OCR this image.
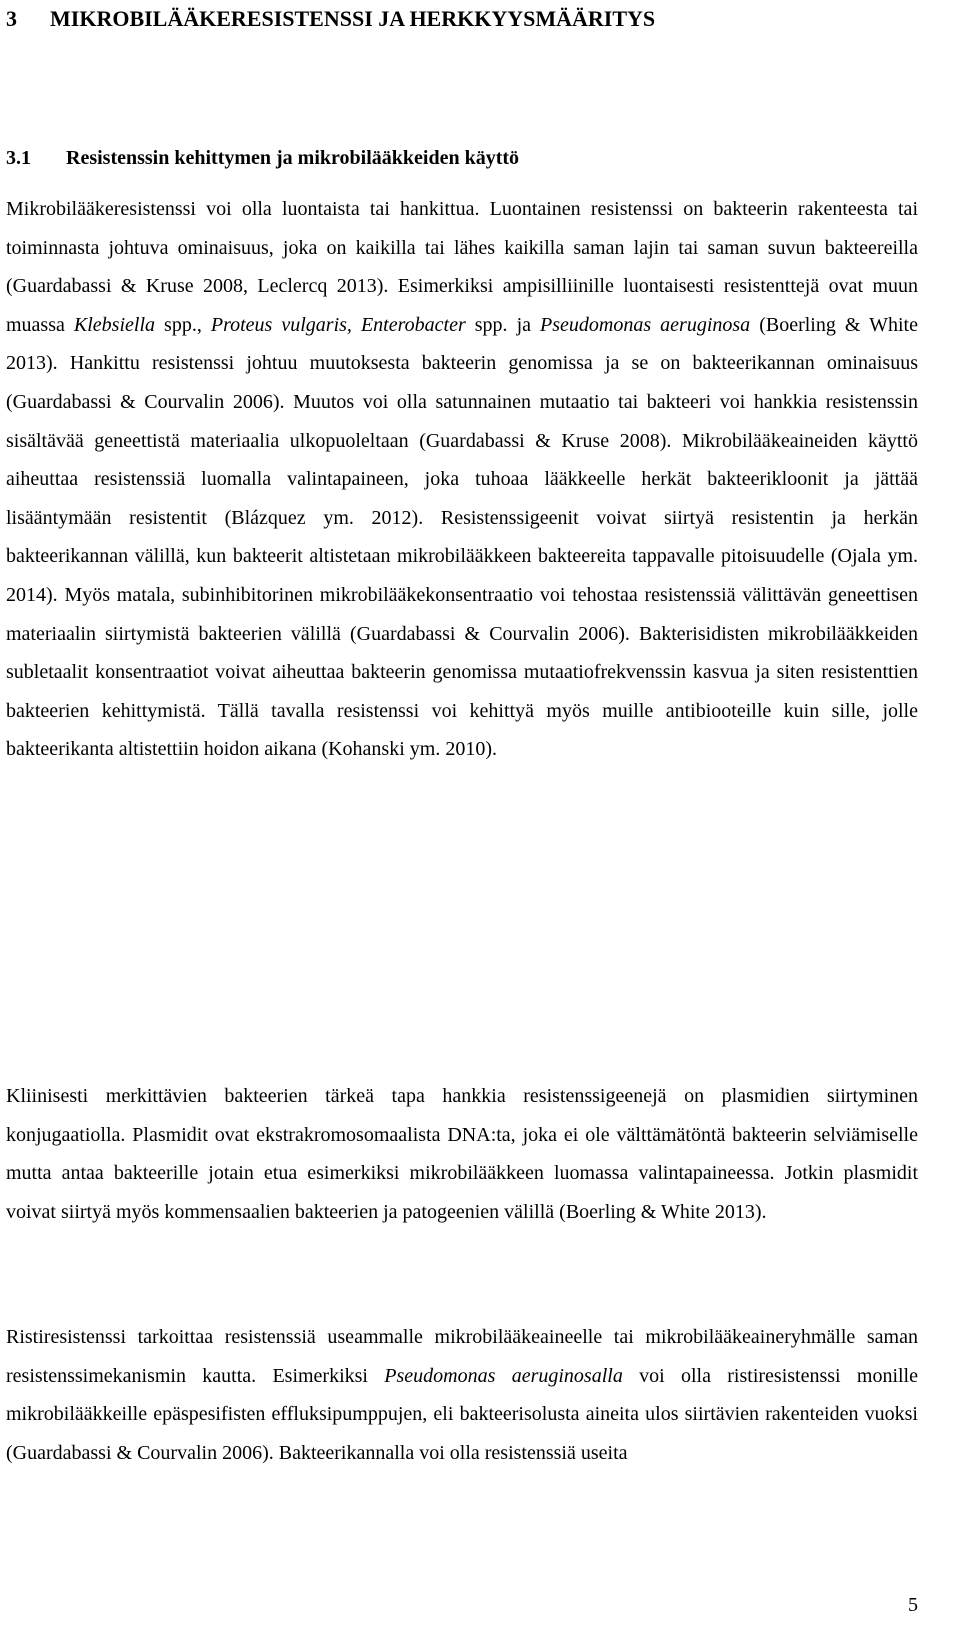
3 MIKROBILÄÄKERESISTENSSI JA HERKKYYSMÄÄRITYS
3.1 Resistenssin kehittymen ja mikrobilääkkeiden käyttö

Mikrobilääkeresistenssi voi olla luontaista tai hankittua. Luontainen resistenssi on bakteerin rakenteesta tai toiminnasta johtuva ominaisuus, joka on kaikilla tai lähes kaikilla saman lajin tai saman suvun bakteereilla (Guardabassi & Kruse 2008, Leclercq 2013). Esimerkiksi ampisilliinille luontaisesti resistenttejä ovat muun muassa Klebsiella spp., Proteus vulgaris, Enterobacter spp. ja Pseudomonas aeruginosa (Boerling & White 2013). Hankittu resistenssi johtuu muutoksesta bakteerin genomissa ja se on bakteerikannan ominaisuus (Guardabassi & Courvalin 2006). Muutos voi olla satunnainen mutaatio tai bakteeri voi hankkia resistenssin sisältävää geneettistä materiaalia ulkopuoleltaan (Guardabassi & Kruse 2008). Mikrobilääkeaineiden käyttö aiheuttaa resistenssiä luomalla valintapaineen, joka tuhoaa lääkkeelle herkät bakteerikloonit ja jättää lisääntymään resistentit (Blázquez ym. 2012). Resistenssigeenit voivat siirtyä resistentin ja herkän bakteerikannan välillä, kun bakteerit altistetaan mikrobilääkkeen bakteereita tappavalle pitoisuudelle (Ojala ym. 2014). Myös matala, subinhibitorinen mikrobilääkekonsentraatio voi tehostaa resistenssiä välittävän geneettisen materiaalin siirtymistä bakteerien välillä (Guardabassi & Courvalin 2006). Bakterisidisten mikrobilääkkeiden subletaalit konsentraatiot voivat aiheuttaa bakteerin genomissa mutaatiofrekvenssin kasvua ja siten resistenttien bakteerien kehittymistä. Tällä tavalla resistenssi voi kehittyä myös muille antibiooteille kuin sille, jolle bakteerikanta altistettiin hoidon aikana (Kohanski ym. 2010).

Kliinisesti merkittävien bakteerien tärkeä tapa hankkia resistenssigeenejä on plasmidien siirtyminen konjugaatiolla. Plasmidit ovat ekstrakromosomaalista DNA:ta, joka ei ole välttämätöntä bakteerin selviämiselle mutta antaa bakteerille jotain etua esimerkiksi mikrobilääkkeen luomassa valintapaineessa. Jotkin plasmidit voivat siirtyä myös kommensaalien bakteerien ja patogeenien välillä (Boerling & White 2013).

Ristiresistenssi tarkoittaa resistenssiä useammalle mikrobilääkeaineelle tai mikrobilääkeaineryhmälle saman resistenssimekanismin kautta. Esimerkiksi Pseudomonas aeruginosalla voi olla ristiresistenssi monille mikrobilääkkeille epäspesifisten effluksipumppujen, eli bakteerisolusta aineita ulos siirtävien rakenteiden vuoksi (Guardabassi & Courvalin 2006). Bakteerikannalla voi olla resistenssiä useita

5
